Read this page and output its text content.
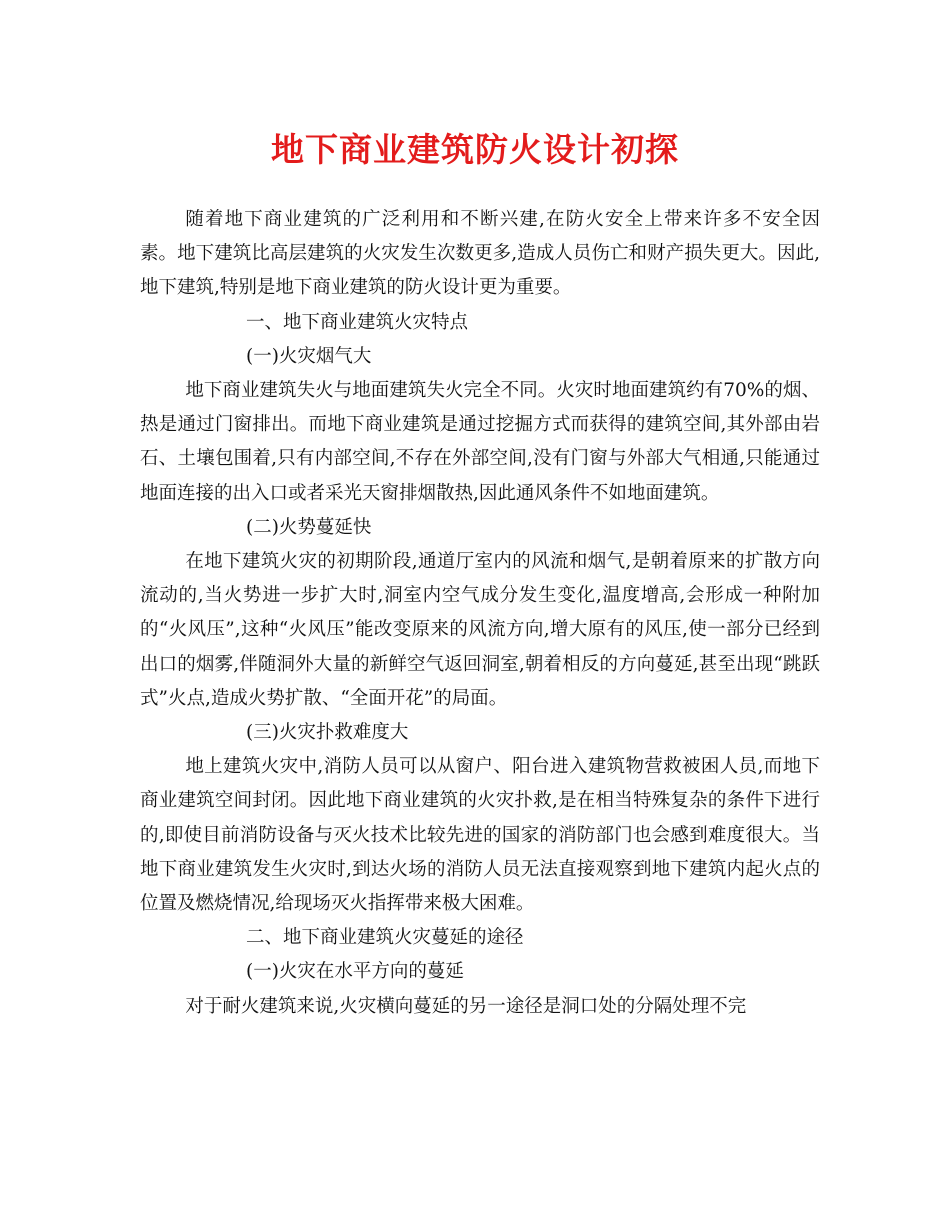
地下商业建筑防火设计初探

随着地下商业建筑的广泛利用和不断兴建,在防火安全上带来许多不安全因素。地下建筑比高层建筑的火灾发生次数更多,造成人员伤亡和财产损失更大。因此,地下建筑,特别是地下商业建筑的防火设计更为重要。

一、地下商业建筑火灾特点

(一)火灾烟气大

地下商业建筑失火与地面建筑失火完全不同。火灾时地面建筑约有70%的烟、热是通过门窗排出。而地下商业建筑是通过挖掘方式而获得的建筑空间,其外部由岩石、土壤包围着,只有内部空间,不存在外部空间,没有门窗与外部大气相通,只能通过地面连接的出入口或者采光天窗排烟散热,因此通风条件不如地面建筑。

(二)火势蔓延快

在地下建筑火灾的初期阶段,通道厅室内的风流和烟气,是朝着原来的扩散方向流动的,当火势进一步扩大时,洞室内空气成分发生变化,温度增高,会形成一种附加的“火风压”,这种“火风压”能改变原来的风流方向,增大原有的风压,使一部分已经到出口的烟雾,伴随洞外大量的新鲜空气返回洞室,朝着相反的方向蔓延,甚至出现“跳跃式”火点,造成火势扩散、“全面开花”的局面。

(三)火灾扑救难度大

地上建筑火灾中,消防人员可以从窗户、阳台进入建筑物营救被困人员,而地下商业建筑空间封闭。因此地下商业建筑的火灾扑救,是在相当特殊复杂的条件下进行的,即使目前消防设备与灭火技术比较先进的国家的消防部门也会感到难度很大。当地下商业建筑发生火灾时,到达火场的消防人员无法直接观察到地下建筑内起火点的位置及燃烧情况,给现场灭火指挥带来极大困难。

二、地下商业建筑火灾蔓延的途径

(一)火灾在水平方向的蔓延

对于耐火建筑来说,火灾横向蔓延的另一途径是洞口处的分隔处理不完
